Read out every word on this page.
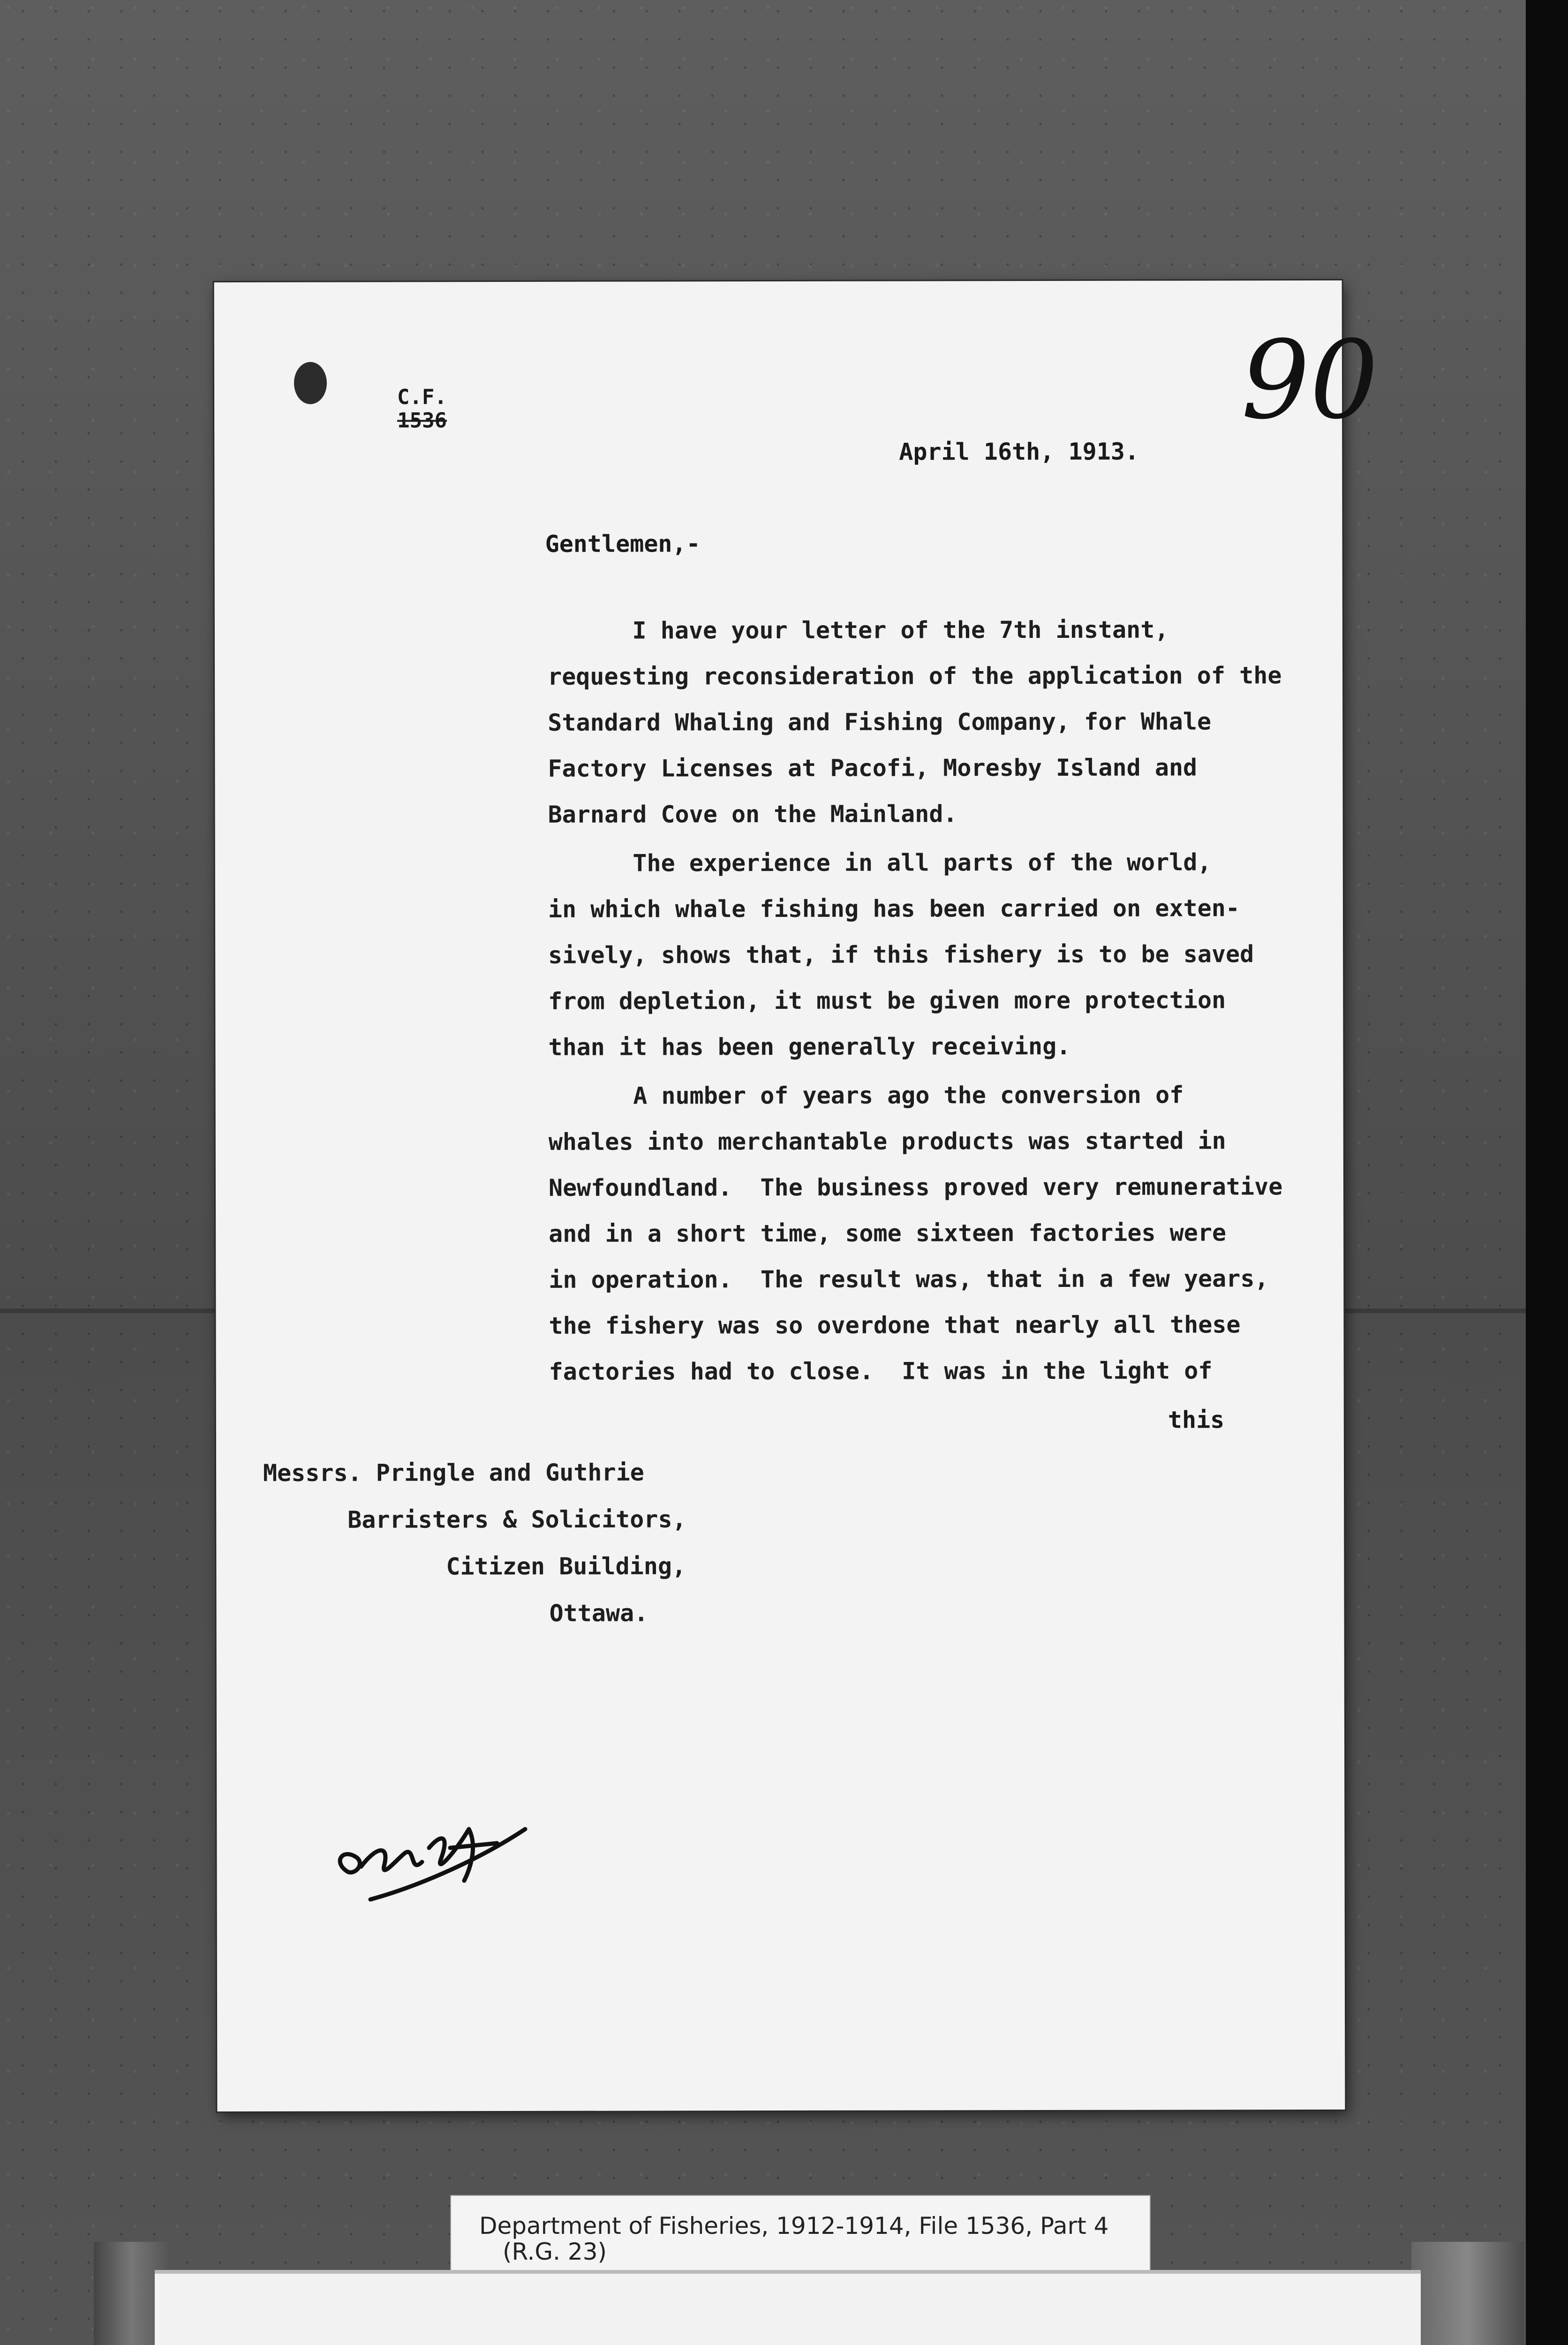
C.F.
1536	90
April 16th, 1913.
Gentlemen,-
I have your letter of the 7th instant,
requesting reconsideration of the application of the
Standard Whaling and Fishing Company, for Whale
Factory Licenses at Pacofi, Moresby Island and
Barnard Cove on the Mainland.
The experience in all parts of the world,
in which whale fishing has been carried on exten-
sively, shows that, if this fishery is to be saved
from depletion, it must be given more protection
than it has been generally receiving.
A number of years ago the conversion of
whales into merchantable products was started in
Newfoundland.  The business proved very remunerative
and in a short time, some sixteen factories were
in operation.  The result was, that in a few years,
the fishery was so overdone that nearly all these
factories had to close.  It was in the light of
this
Messrs. Pringle and Guthrie
Barristers & Solicitors,
Citizen Building,
Ottawa.
Department of Fisheries, 1912-1914, File 1536, Part 4
(R.G. 23)
